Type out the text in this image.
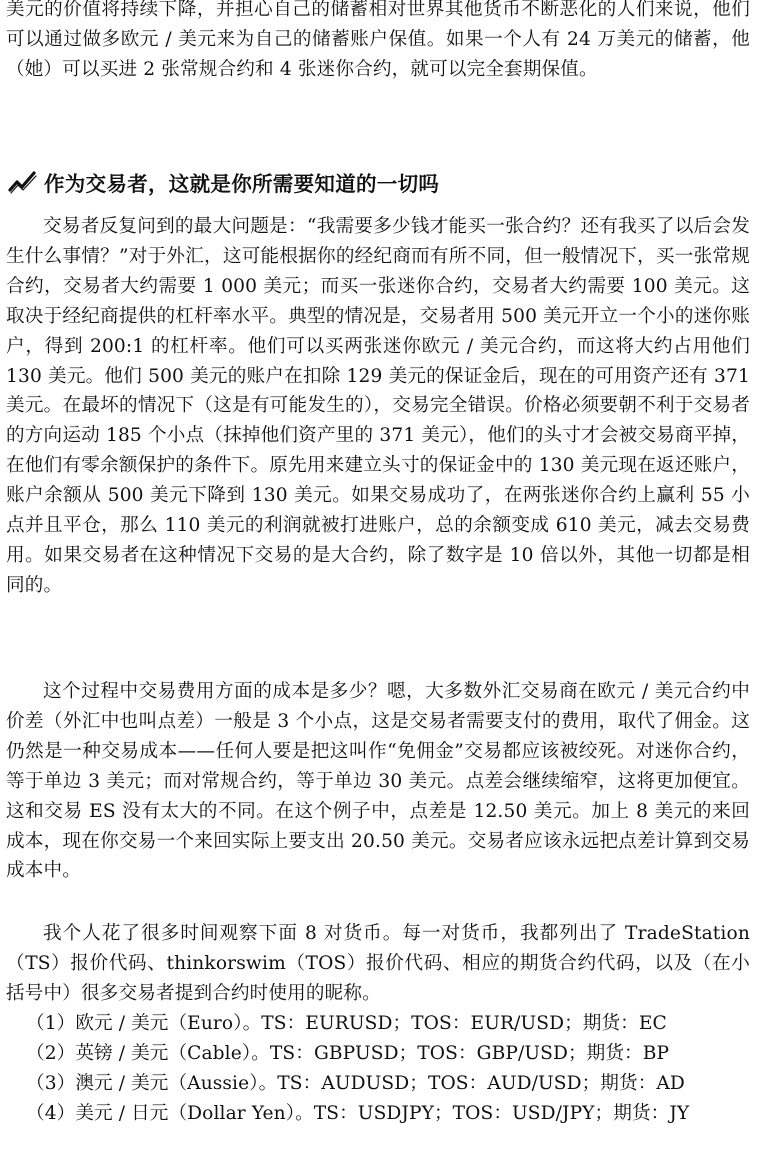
美元的价值将持续下降，并担心自己的储蓄相对世界其他货币不断恶化的人们来说，他们可以通过做多欧元 / 美元来为自己的储蓄账户保值。如果一个人有 24 万美元的储蓄，他（她）可以买进 2 张常规合约和 4 张迷你合约，就可以完全套期保值。

作为交易者，这就是你所需要知道的一切吗

交易者反复问到的最大问题是：“我需要多少钱才能买一张合约？还有我买了以后会发生什么事情？”对于外汇，这可能根据你的经纪商而有所不同，但一般情况下，买一张常规合约，交易者大约需要 1 000 美元；而买一张迷你合约，交易者大约需要 100 美元。这取决于经纪商提供的杠杆率水平。典型的情况是，交易者用 500 美元开立一个小的迷你账户，得到 200:1 的杠杆率。他们可以买两张迷你欧元 / 美元合约，而这将大约占用他们 130 美元。他们 500 美元的账户在扣除 129 美元的保证金后，现在的可用资产还有 371 美元。在最坏的情况下（这是有可能发生的），交易完全错误。价格必须要朝不利于交易者的方向运动 185 个小点（抹掉他们资产里的 371 美元），他们的头寸才会被交易商平掉，在他们有零余额保护的条件下。原先用来建立头寸的保证金中的 130 美元现在返还账户，账户余额从 500 美元下降到 130 美元。如果交易成功了，在两张迷你合约上赢利 55 小点并且平仓，那么 110 美元的利润就被打进账户，总的余额变成 610 美元，减去交易费用。如果交易者在这种情况下交易的是大合约，除了数字是 10 倍以外，其他一切都是相同的。

这个过程中交易费用方面的成本是多少？嗯，大多数外汇交易商在欧元 / 美元合约中价差（外汇中也叫点差）一般是 3 个小点，这是交易者需要支付的费用，取代了佣金。这仍然是一种交易成本——任何人要是把这叫作“免佣金”交易都应该被绞死。对迷你合约，等于单边 3 美元；而对常规合约，等于单边 30 美元。点差会继续缩窄，这将更加便宜。这和交易 ES 没有太大的不同。在这个例子中，点差是 12.50 美元。加上 8 美元的来回成本，现在你交易一个来回实际上要支出 20.50 美元。交易者应该永远把点差计算到交易成本中。

我个人花了很多时间观察下面 8 对货币。每一对货币，我都列出了 TradeStation（TS）报价代码、thinkorswim（TOS）报价代码、相应的期货合约代码，以及（在小括号中）很多交易者提到合约时使用的昵称。

（1）欧元 / 美元（Euro）。TS：EURUSD；TOS：EUR/USD；期货：EC
（2）英镑 / 美元（Cable）。TS：GBPUSD；TOS：GBP/USD；期货：BP
（3）澳元 / 美元（Aussie）。TS：AUDUSD；TOS：AUD/USD；期货：AD
（4）美元 / 日元（Dollar Yen）。TS：USDJPY；TOS：USD/JPY；期货：JY
